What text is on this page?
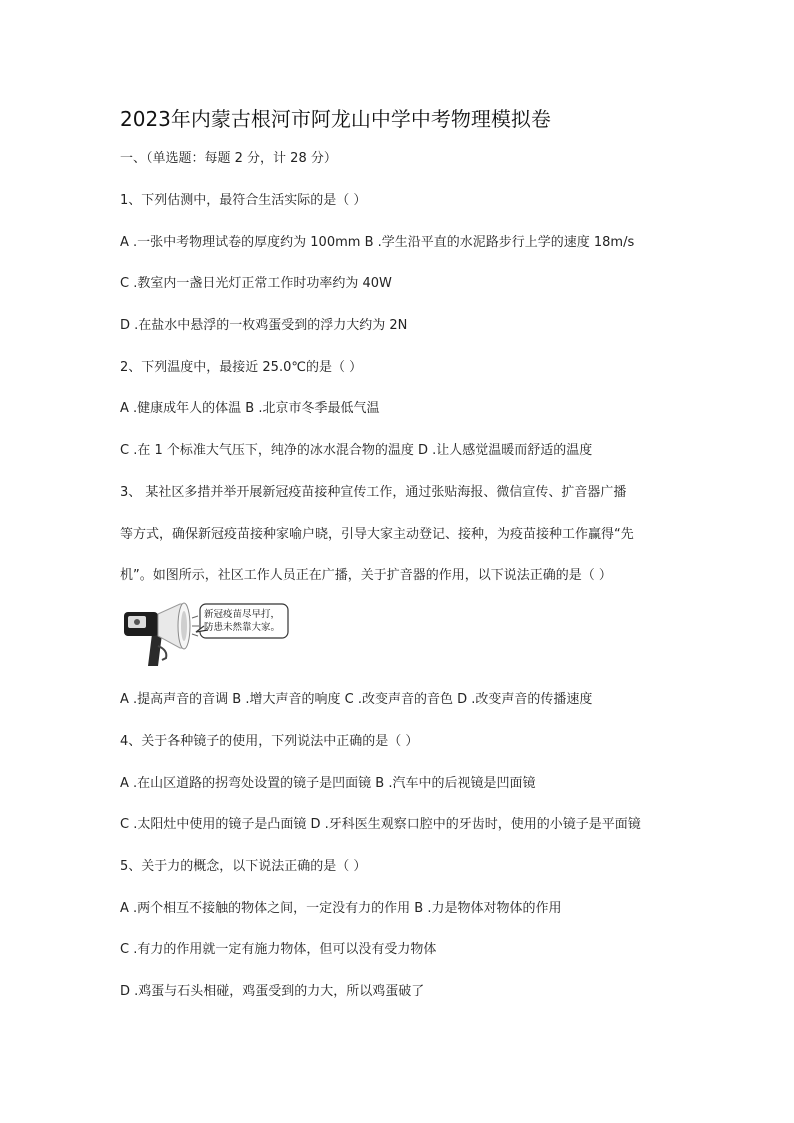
2023年内蒙古根河市阿龙山中学中考物理模拟卷
一、（单选题：每题 2 分，计 28 分）
1、下列估测中，最符合生活实际的是（ ）
A .一张中考物理试卷的厚度约为 100mm B .学生沿平直的水泥路步行上学的速度 18m/s
C .教室内一盏日光灯正常工作时功率约为 40W
D .在盐水中悬浮的一枚鸡蛋受到的浮力大约为 2N
2、下列温度中，最接近 25.0℃的是（ ）
A .健康成年人的体温 B .北京市冬季最低气温
C .在 1 个标准大气压下，纯净的冰水混合物的温度 D .让人感觉温暖而舒适的温度
3、 某社区多措并举开展新冠疫苗接种宣传工作，通过张贴海报、微信宣传、扩音器广播
等方式，确保新冠疫苗接种家喻户晓，引导大家主动登记、接种，为疫苗接种工作赢得“先
机”。如图所示，社区工作人员正在广播，关于扩音器的作用，以下说法正确的是（ ）
新冠疫苗尽早打，
防患未然靠大家。
A .提高声音的音调 B .增大声音的响度 C .改变声音的音色 D .改变声音的传播速度
4、关于各种镜子的使用，下列说法中正确的是（ ）
A .在山区道路的拐弯处设置的镜子是凹面镜 B .汽车中的后视镜是凹面镜
C .太阳灶中使用的镜子是凸面镜 D .牙科医生观察口腔中的牙齿时，使用的小镜子是平面镜
5、关于力的概念，以下说法正确的是（ ）
A .两个相互不接触的物体之间，一定没有力的作用 B .力是物体对物体的作用
C .有力的作用就一定有施力物体，但可以没有受力物体
D .鸡蛋与石头相碰，鸡蛋受到的力大，所以鸡蛋破了
